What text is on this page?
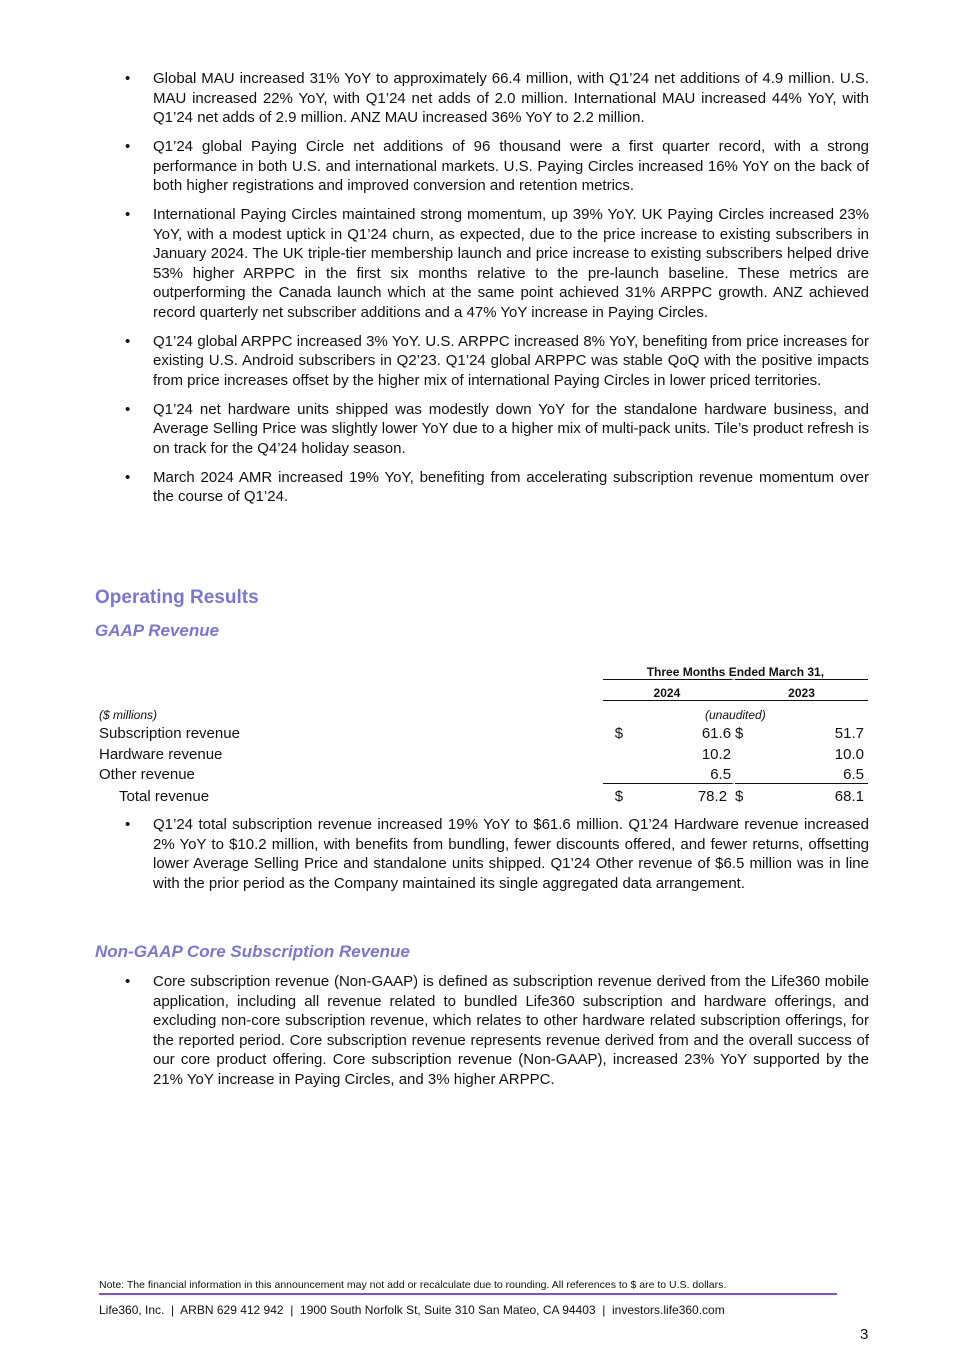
• Global MAU increased 31% YoY to approximately 66.4 million, with Q1’24 net additions of 4.9 million. U.S. MAU increased 22% YoY, with Q1’24 net adds of 2.0 million. International MAU increased 44% YoY, with Q1’24 net adds of 2.9 million. ANZ MAU increased 36% YoY to 2.2 million.
• Q1’24 global Paying Circle net additions of 96 thousand were a first quarter record, with a strong performance in both U.S. and international markets. U.S. Paying Circles increased 16% YoY on the back of both higher registrations and improved conversion and retention metrics.
• International Paying Circles maintained strong momentum, up 39% YoY. UK Paying Circles increased 23% YoY, with a modest uptick in Q1’24 churn, as expected, due to the price increase to existing subscribers in January 2024. The UK triple-tier membership launch and price increase to existing subscribers helped drive 53% higher ARPPC in the first six months relative to the pre-launch baseline. These metrics are outperforming the Canada launch which at the same point achieved 31% ARPPC growth. ANZ achieved record quarterly net subscriber additions and a 47% YoY increase in Paying Circles.
• Q1’24 global ARPPC increased 3% YoY. U.S. ARPPC increased 8% YoY, benefiting from price increases for existing U.S. Android subscribers in Q2’23. Q1’24 global ARPPC was stable QoQ with the positive impacts from price increases offset by the higher mix of international Paying Circles in lower priced territories.
• Q1’24 net hardware units shipped was modestly down YoY for the standalone hardware business, and Average Selling Price was slightly lower YoY due to a higher mix of multi-pack units. Tile’s product refresh is on track for the Q4’24 holiday season.
• March 2024 AMR increased 19% YoY, benefiting from accelerating subscription revenue momentum over the course of Q1’24.
Operating Results
GAAP Revenue
	Three Months Ended March 31,			
	2024		2023	
($ millions)	(unaudited)			
Subscription revenue	$	61.6	$	51.7
Hardware revenue		10.2		10.0
Other revenue		6.5		6.5
Total revenue	$	78.2	$	68.1
• Q1’24 total subscription revenue increased 19% YoY to $61.6 million. Q1’24 Hardware revenue increased 2% YoY to $10.2 million, with benefits from bundling, fewer discounts offered, and fewer returns, offsetting lower Average Selling Price and standalone units shipped. Q1’24 Other revenue of $6.5 million was in line with the prior period as the Company maintained its single aggregated data arrangement.
Non-GAAP Core Subscription Revenue
• Core subscription revenue (Non-GAAP) is defined as subscription revenue derived from the Life360 mobile application, including all revenue related to bundled Life360 subscription and hardware offerings, and excluding non-core subscription revenue, which relates to other hardware related subscription offerings, for the reported period. Core subscription revenue represents revenue derived from and the overall success of our core product offering. Core subscription revenue (Non-GAAP), increased 23% YoY supported by the 21% YoY increase in Paying Circles, and 3% higher ARPPC.
Note: The financial information in this announcement may not add or recalculate due to rounding. All references to $ are to U.S. dollars.
Life360, Inc.  |  ARBN 629 412 942  |  1900 South Norfolk St, Suite 310 San Mateo, CA 94403  |  investors.life360.com
3
